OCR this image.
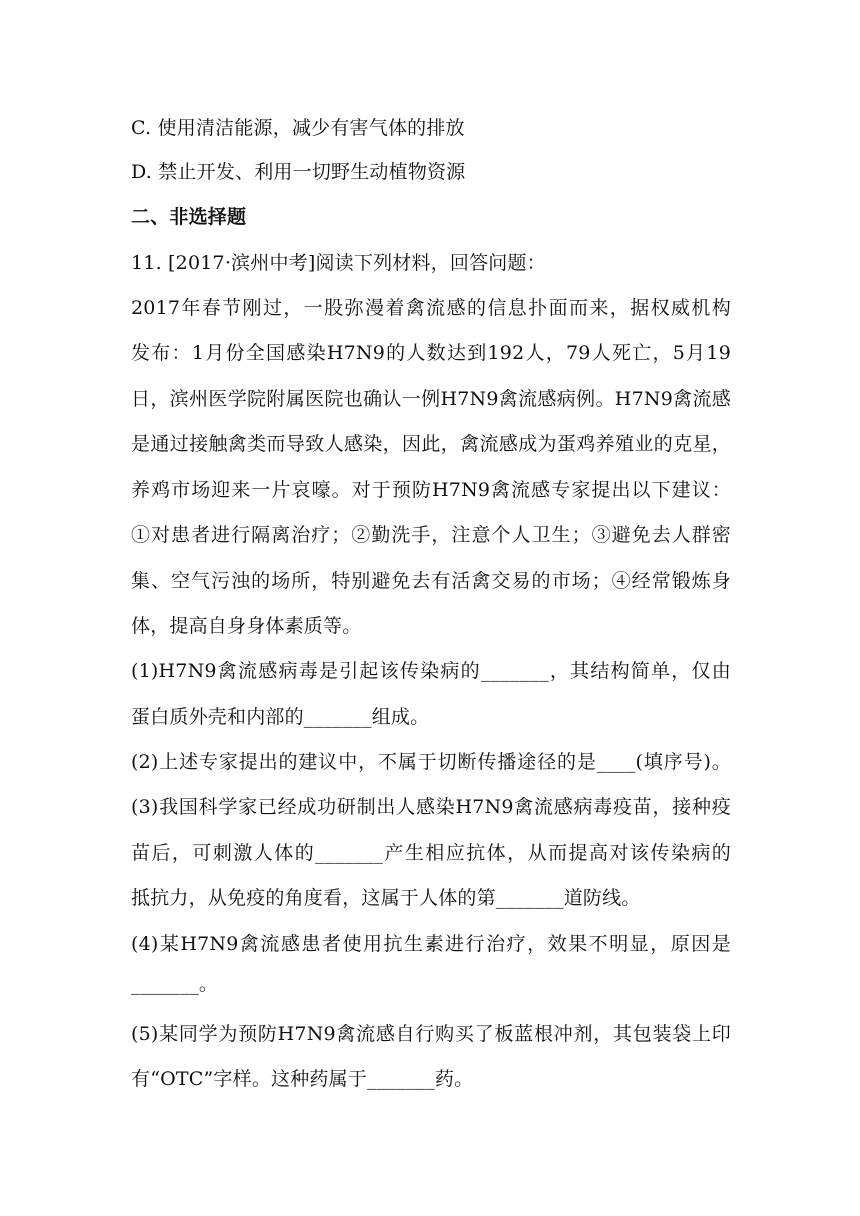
C. 使用清洁能源，减少有害气体的排放
D. 禁止开发、利用一切野生动植物资源
二、非选择题
11. [2017·滨州中考]阅读下列材料，回答问题：
2017年春节刚过，一股弥漫着禽流感的信息扑面而来，据权威机构
发布：1月份全国感染H7N9的人数达到192人，79人死亡，5月19
日，滨州医学院附属医院也确认一例H7N9禽流感病例。H7N9禽流感
是通过接触禽类而导致人感染，因此，禽流感成为蛋鸡养殖业的克星，
养鸡市场迎来一片哀嚎。对于预防H7N9禽流感专家提出以下建议：
①对患者进行隔离治疗；②勤洗手，注意个人卫生；③避免去人群密
集、空气污浊的场所，特别避免去有活禽交易的市场；④经常锻炼身
体，提高自身身体素质等。
(1)H7N9禽流感病毒是引起该传染病的_______，其结构简单，仅由
蛋白质外壳和内部的_______组成。
(2)上述专家提出的建议中，不属于切断传播途径的是____(填序号)。
(3)我国科学家已经成功研制出人感染H7N9禽流感病毒疫苗，接种疫
苗后，可刺激人体的_______产生相应抗体，从而提高对该传染病的
抵抗力，从免疫的角度看，这属于人体的第_______道防线。
(4)某H7N9禽流感患者使用抗生素进行治疗，效果不明显，原因是
_______。
(5)某同学为预防H7N9禽流感自行购买了板蓝根冲剂，其包装袋上印
有“OTC”字样。这种药属于_______药。
